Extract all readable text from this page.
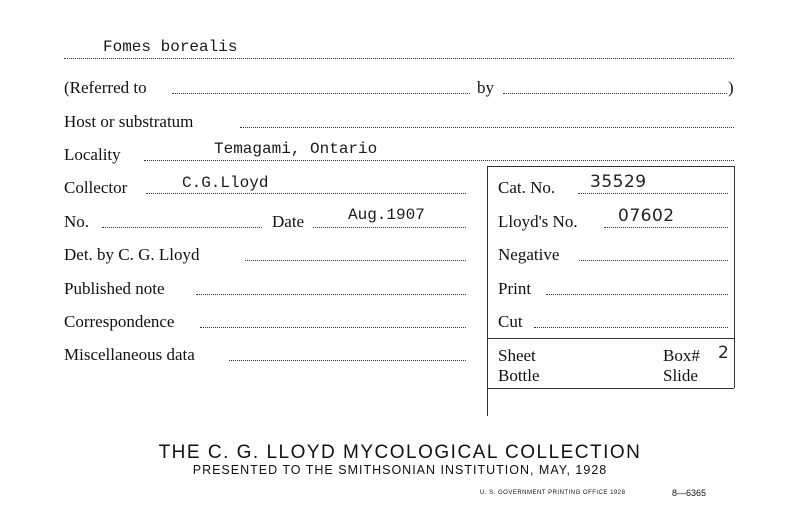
Fomes borealis
(Referred to	by	)
Host or substratum
Locality	Temagami, Ontario
Collector	C.G.Lloyd
No.	Date	Aug.1907
Det. by C. G. Lloyd
Published note
Correspondence
Miscellaneous data
Cat. No. 35529
Lloyd's No. 07602
Negative
Print
Cut
Sheet	Box# 2
Bottle	Slide
THE C. G. LLOYD MYCOLOGICAL COLLECTION
PRESENTED TO THE SMITHSONIAN INSTITUTION, MAY, 1928
U. S. GOVERNMENT PRINTING OFFICE 1928	8—6365
